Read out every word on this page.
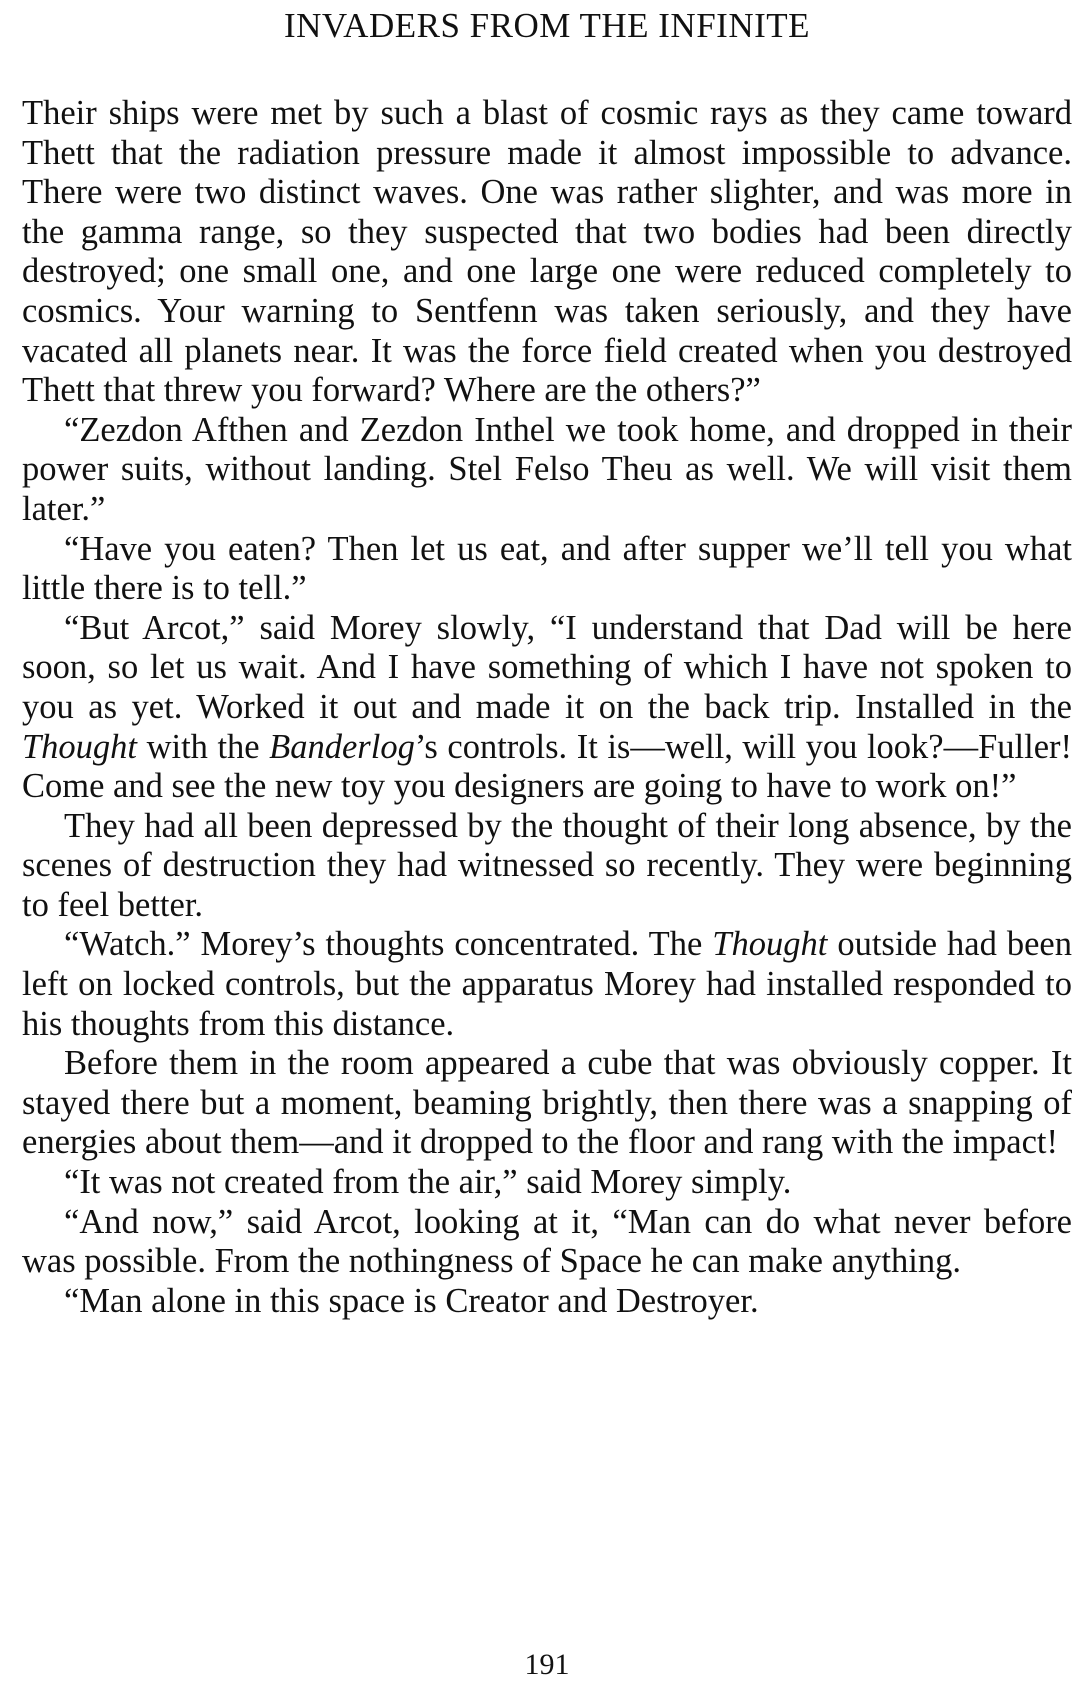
INVADERS FROM THE INFINITE

Their ships were met by such a blast of cosmic rays as they came toward Thett that the radiation pressure made it almost impossible to advance. There were two distinct waves. One was rather slighter, and was more in the gamma range, so they suspected that two bodies had been directly destroyed; one small one, and one large one were reduced completely to cosmics. Your warning to Sentfenn was taken seriously, and they have vacated all planets near. It was the force field created when you destroyed Thett that threw you forward? Where are the others?”

“Zezdon Afthen and Zezdon Inthel we took home, and dropped in their power suits, without landing. Stel Felso Theu as well. We will visit them later.”

“Have you eaten? Then let us eat, and after supper we’ll tell you what little there is to tell.”

“But Arcot,” said Morey slowly, “I understand that Dad will be here soon, so let us wait. And I have something of which I have not spoken to you as yet. Worked it out and made it on the back trip. Installed in the Thought with the Banderlog’s controls. It is—well, will you look?—Fuller! Come and see the new toy you designers are going to have to work on!”

They had all been depressed by the thought of their long absence, by the scenes of destruction they had witnessed so recently. They were beginning to feel better.

“Watch.” Morey’s thoughts concentrated. The Thought outside had been left on locked controls, but the apparatus Morey had installed responded to his thoughts from this distance.

Before them in the room appeared a cube that was obviously copper. It stayed there but a moment, beaming brightly, then there was a snapping of energies about them—and it dropped to the floor and rang with the impact!

“It was not created from the air,” said Morey simply.

“And now,” said Arcot, looking at it, “Man can do what never before was possible. From the nothingness of Space he can make anything.

“Man alone in this space is Creator and Destroyer.

191
